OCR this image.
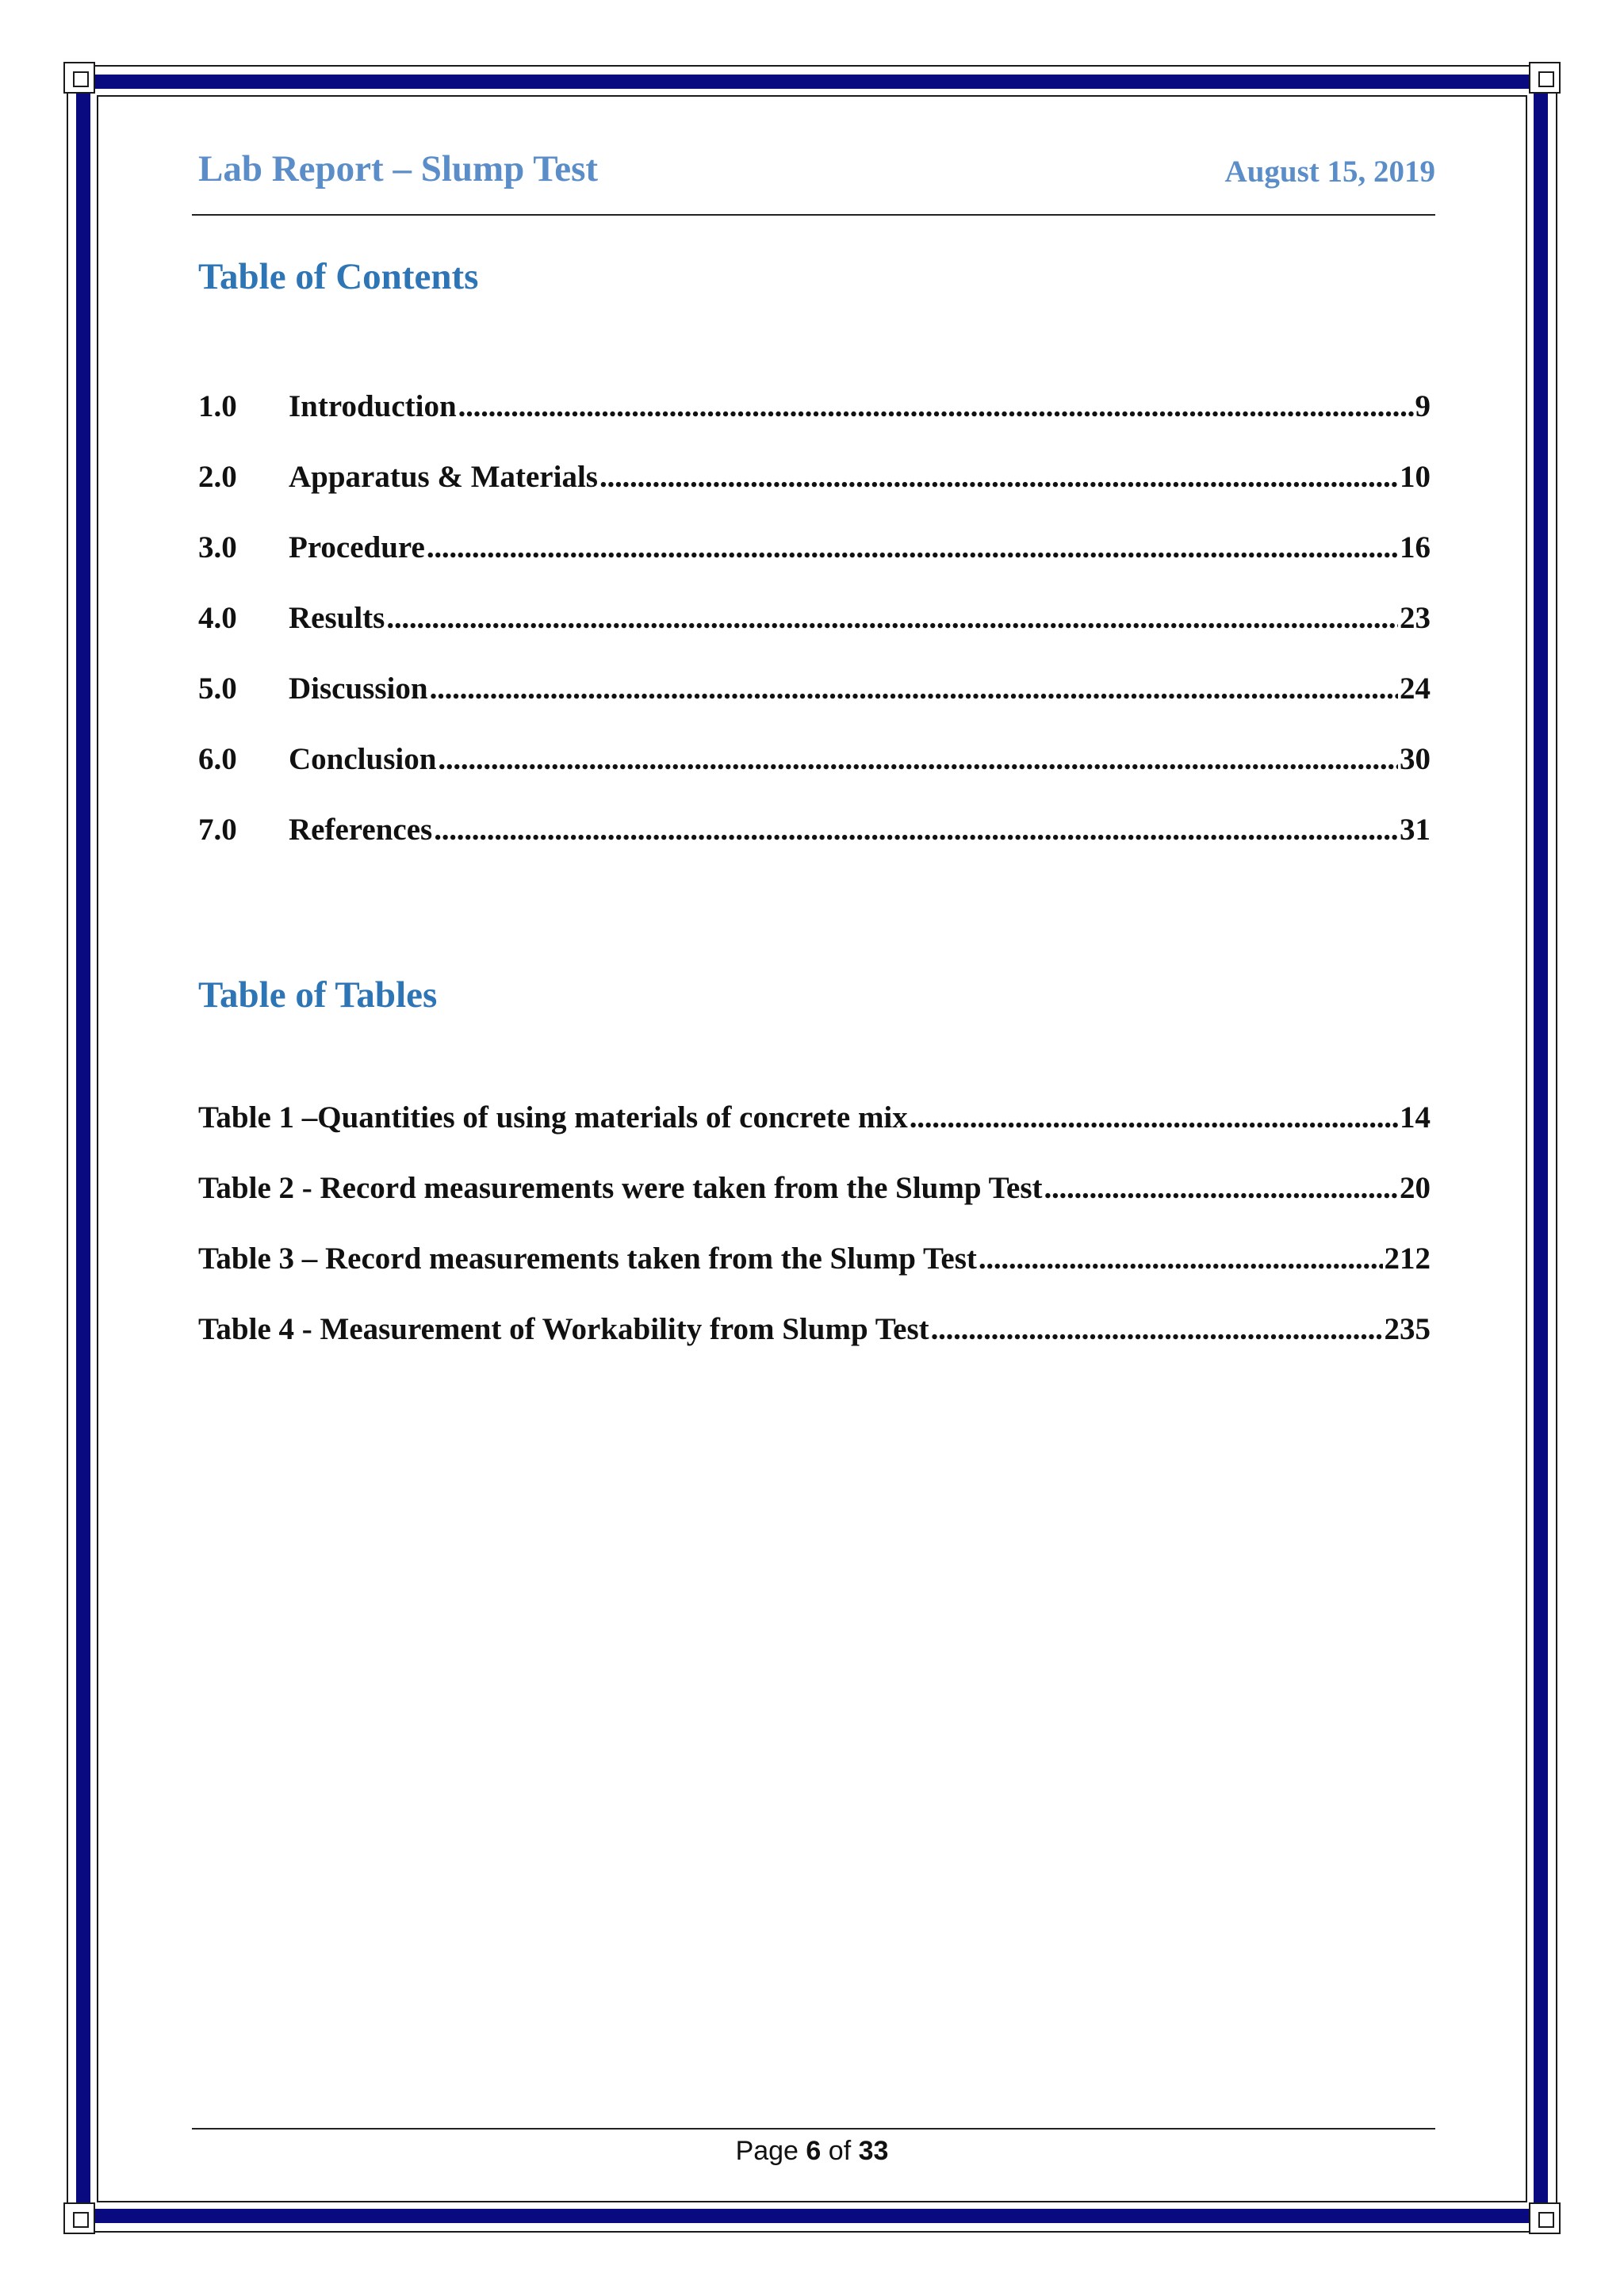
Lab Report – Slump Test	August 15, 2019
Table of Contents
1.0	Introduction . . .	9
2.0	Apparatus & Materials . . .	10
3.0	Procedure . . .	16
4.0	Results . . .	23
5.0	Discussion . . .	24
6.0	Conclusion . . .	30
7.0	References . . .	31
Table of Tables
Table 1 –Quantities of using materials of concrete mix . . .	14
Table 2 - Record measurements were taken from the Slump Test . . .	20
Table 3 – Record measurements taken from the Slump Test . . .	212
Table 4 - Measurement of Workability from Slump Test . . .	235
Page 6 of 33
